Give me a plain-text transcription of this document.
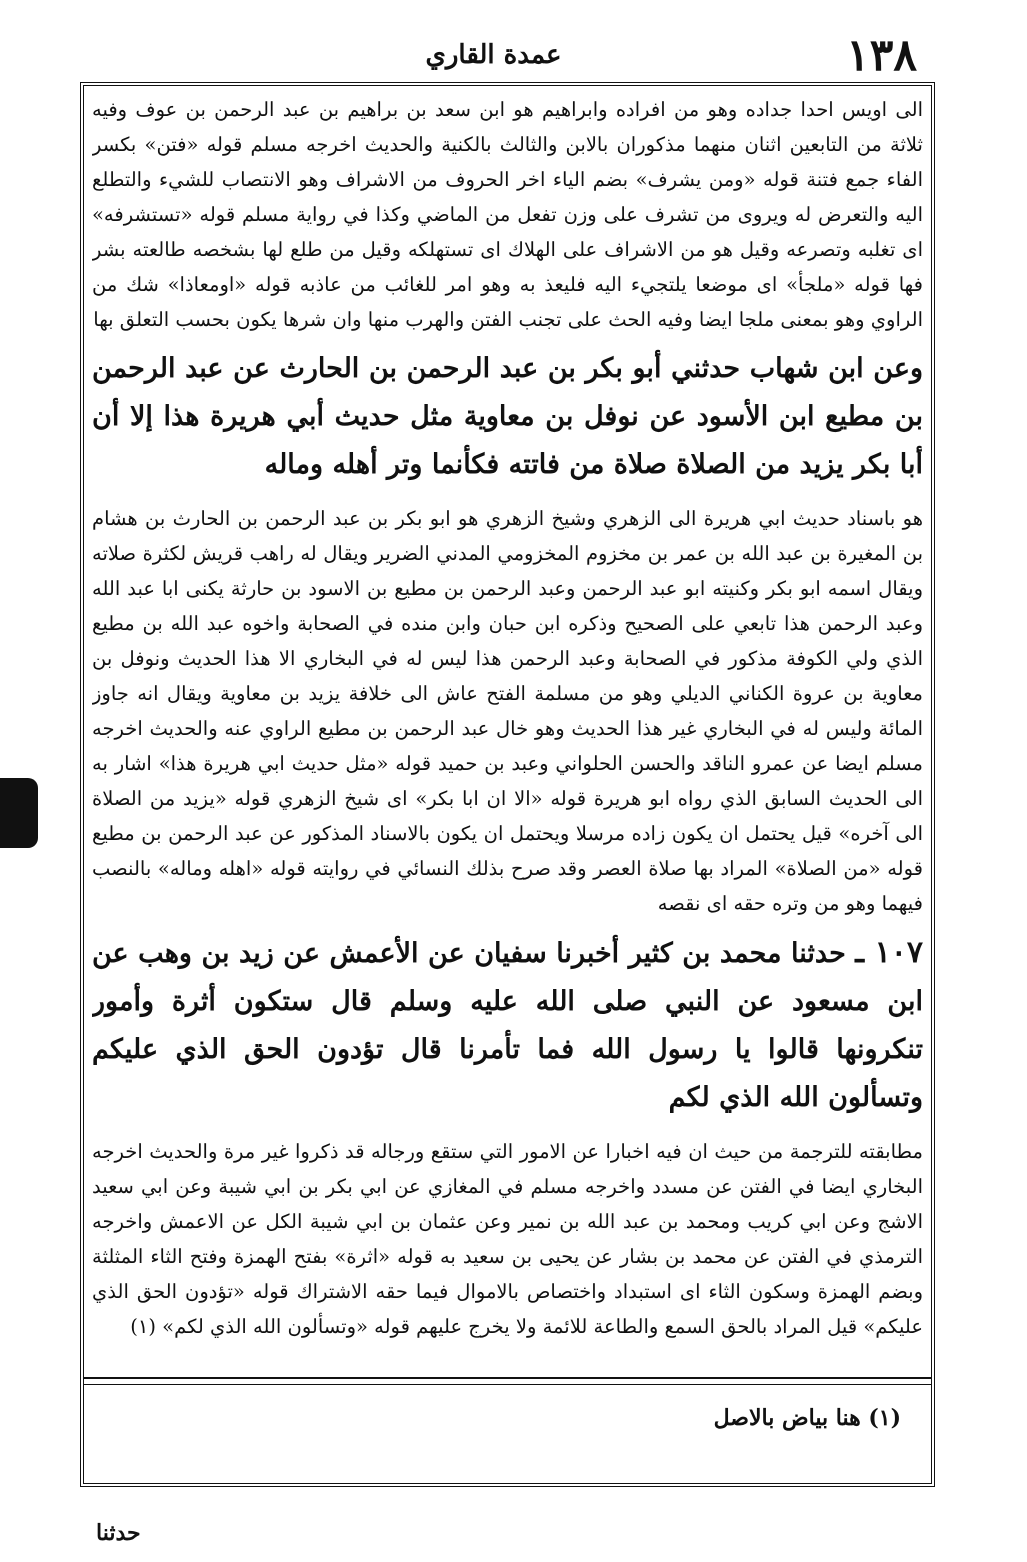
١٣٨
عمدة القاري

الى اويس احدا جداده وهو من افراده وابراهيم هو ابن سعد بن براهيم بن عبد الرحمن بن عوف وفيه ثلاثة من التابعين اثنان منهما مذكوران بالابن والثالث بالكنية والحديث اخرجه مسلم قوله «فتن» بكسر الفاء جمع فتنة قوله «ومن يشرف» بضم الياء اخر الحروف من الاشراف وهو الانتصاب للشيء والتطلع اليه والتعرض له ويروى من تشرف على وزن تفعل من الماضي وكذا في رواية مسلم قوله «تستشرفه» اى تغلبه وتصرعه وقيل هو من الاشراف على الهلاك اى تستهلكه وقيل من طلع لها بشخصه طالعته بشر فها قوله «ملجأ» اى موضعا يلتجيء اليه فليعذ به وهو امر للغائب من عاذبه قوله «اومعاذا» شك من الراوي وهو بمعنى ملجا ايضا وفيه الحث على تجنب الفتن والهرب منها وان شرها يكون بحسب التعلق بها

وعن ابن شهاب حدثني أبو بكر بن عبد الرحمن بن الحارث عن عبد الرحمن بن مطيع ابن الأسود عن نوفل بن معاوية مثل حديث أبي هريرة هذا إلا أن أبا بكر يزيد من الصلاة صلاة من فاتته فكأنما وتر أهله وماله

هو باسناد حديث ابي هريرة الى الزهري وشيخ الزهري هو ابو بكر بن عبد الرحمن بن الحارث بن هشام بن المغيرة بن عبد الله بن عمر بن مخزوم المخزومي المدني الضرير ويقال له راهب قريش لكثرة صلاته ويقال اسمه ابو بكر وكنيته ابو عبد الرحمن وعبد الرحمن بن مطيع بن الاسود بن حارثة يكنى ابا عبد الله وعبد الرحمن هذا تابعي على الصحيح وذكره ابن حبان وابن منده في الصحابة واخوه عبد الله بن مطيع الذي ولي الكوفة مذكور في الصحابة وعبد الرحمن هذا ليس له في البخاري الا هذا الحديث ونوفل بن معاوية بن عروة الكناني الديلي وهو من مسلمة الفتح عاش الى خلافة يزيد بن معاوية ويقال انه جاوز المائة وليس له في البخاري غير هذا الحديث وهو خال عبد الرحمن بن مطيع الراوي عنه والحديث اخرجه مسلم ايضا عن عمرو الناقد والحسن الحلواني وعبد بن حميد قوله «مثل حديث ابي هريرة هذا» اشار به الى الحديث السابق الذي رواه ابو هريرة قوله «الا ان ابا بكر» اى شيخ الزهري قوله «يزيد من الصلاة الى آخره» قيل يحتمل ان يكون زاده مرسلا ويحتمل ان يكون بالاسناد المذكور عن عبد الرحمن بن مطيع قوله «من الصلاة» المراد بها صلاة العصر وقد صرح بذلك النسائي في روايته قوله «اهله وماله» بالنصب فيهما وهو من وتره حقه اى نقصه

١٠٧ ـ حدثنا محمد بن كثير أخبرنا سفيان عن الأعمش عن زيد بن وهب عن ابن مسعود عن النبي صلى الله عليه وسلم قال ستكون أثرة وأمور تنكرونها قالوا يا رسول الله فما تأمرنا قال تؤدون الحق الذي عليكم وتسألون الله الذي لكم

مطابقته للترجمة من حيث ان فيه اخبارا عن الامور التي ستقع ورجاله قد ذكروا غير مرة والحديث اخرجه البخاري ايضا في الفتن عن مسدد واخرجه مسلم في المغازي عن ابي بكر بن ابي شيبة وعن ابي سعيد الاشج وعن ابي كريب ومحمد بن عبد الله بن نمير وعن عثمان بن ابي شيبة الكل عن الاعمش واخرجه الترمذي في الفتن عن محمد بن بشار عن يحيى بن سعيد به قوله «اثرة» بفتح الهمزة وفتح الثاء المثلثة وبضم الهمزة وسكون الثاء اى استبداد واختصاص بالاموال فيما حقه الاشتراك قوله «تؤدون الحق الذي عليكم» قيل المراد بالحق السمع والطاعة للائمة ولا يخرج عليهم قوله «وتسألون الله الذي لكم» (١)

(١) هنا بياض بالاصل
حدثنا
